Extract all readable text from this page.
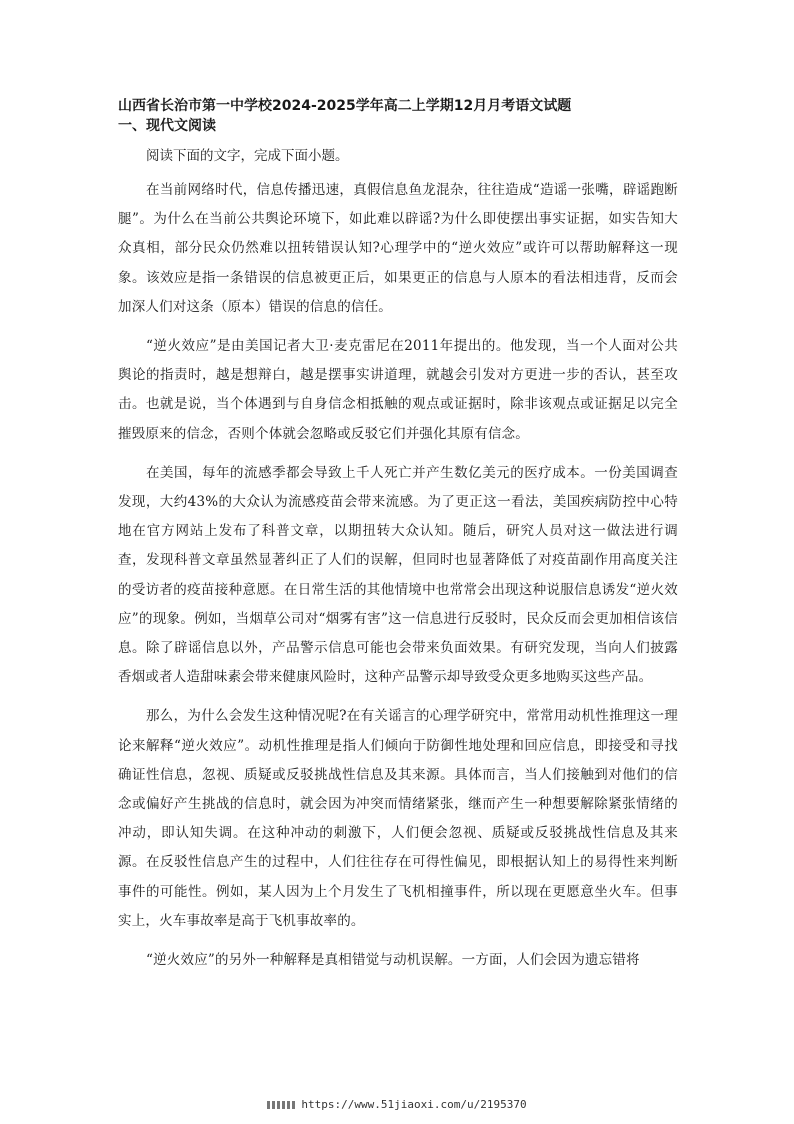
山西省长治市第一中学校2024-2025学年高二上学期12月月考语文试题
一、现代文阅读

阅读下面的文字，完成下面小题。

在当前网络时代，信息传播迅速，真假信息鱼龙混杂，往往造成“造谣一张嘴，辟谣跑断腿”。为什么在当前公共舆论环境下，如此难以辟谣?为什么即使摆出事实证据，如实告知大众真相，部分民众仍然难以扭转错误认知?心理学中的“逆火效应”或许可以帮助解释这一现象。该效应是指一条错误的信息被更正后，如果更正的信息与人原本的看法相违背，反而会加深人们对这条（原本）错误的信息的信任。

“逆火效应”是由美国记者大卫·麦克雷尼在2011年提出的。他发现，当一个人面对公共舆论的指责时，越是想辩白，越是摆事实讲道理，就越会引发对方更进一步的否认，甚至攻击。也就是说，当个体遇到与自身信念相抵触的观点或证据时，除非该观点或证据足以完全摧毁原来的信念，否则个体就会忽略或反驳它们并强化其原有信念。

在美国，每年的流感季都会导致上千人死亡并产生数亿美元的医疗成本。一份美国调查发现，大约43%的大众认为流感疫苗会带来流感。为了更正这一看法，美国疾病防控中心特地在官方网站上发布了科普文章，以期扭转大众认知。随后，研究人员对这一做法进行调查，发现科普文章虽然显著纠正了人们的误解，但同时也显著降低了对疫苗副作用高度关注的受访者的疫苗接种意愿。在日常生活的其他情境中也常常会出现这种说服信息诱发“逆火效应”的现象。例如，当烟草公司对“烟雾有害”这一信息进行反驳时，民众反而会更加相信该信息。除了辟谣信息以外，产品警示信息可能也会带来负面效果。有研究发现，当向人们披露香烟或者人造甜味素会带来健康风险时，这种产品警示却导致受众更多地购买这些产品。

那么，为什么会发生这种情况呢?在有关谣言的心理学研究中，常常用动机性推理这一理论来解释“逆火效应”。动机性推理是指人们倾向于防御性地处理和回应信息，即接受和寻找确证性信息，忽视、质疑或反驳挑战性信息及其来源。具体而言，当人们接触到对他们的信念或偏好产生挑战的信息时，就会因为冲突而情绪紧张，继而产生一种想要解除紧张情绪的冲动，即认知失调。在这种冲动的刺激下，人们便会忽视、质疑或反驳挑战性信息及其来源。在反驳性信息产生的过程中，人们往往存在可得性偏见，即根据认知上的易得性来判断事件的可能性。例如，某人因为上个月发生了飞机相撞事件，所以现在更愿意坐火车。但事实上，火车事故率是高于飞机事故率的。

“逆火效应”的另外一种解释是真相错觉与动机误解。一方面，人们会因为遗忘错将

https://www.51jiaoxi.com/u/2195370
